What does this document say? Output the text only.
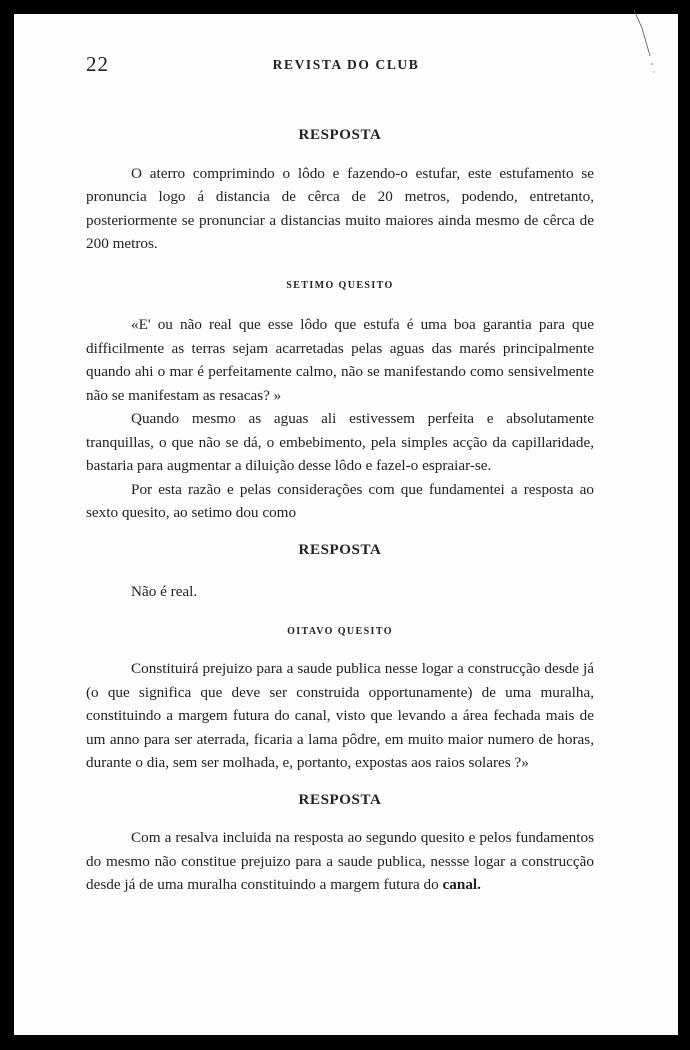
22	REVISTA DO CLUB
RESPOSTA

O aterro comprimindo o lôdo e fazendo-o estufar, este estufamento se pronuncia logo á distancia de cêrca de 20 metros, podendo, entretanto, posteriormente se pronunciar a distancias muito maiores ainda mesmo de cêrca de 200 metros.

SETIMO QUESITO

«E' ou não real que esse lôdo que estufa é uma boa garantia para que difficilmente as terras sejam acarretadas pelas aguas das marés principalmente quando ahi o mar é perfeitamente calmo, não se manifestando como sensivelmente não se manifestam as resacas? »

Quando mesmo as aguas ali estivessem perfeita e absolutamente tranquillas, o que não se dá, o embebimento, pela simples acção da capillaridade, bastaria para augmentar a diluição desse lôdo e fazel-o espraiar-se.

Por esta razão e pelas considerações com que fundamentei a resposta ao sexto quesito, ao setimo dou como

RESPOSTA

Não é real.

OITAVO QUESITO

Constituirá prejuizo para a saude publica nesse logar a construcção desde já (o que significa que deve ser construida opportunamente) de uma muralha, constituindo a margem futura do canal, visto que levando a área fechada mais de um anno para ser aterrada, ficaria a lama pôdre, em muito maior numero de horas, durante o dia, sem ser molhada, e, portanto, expostas aos raios solares ?»

RESPOSTA

Com a resalva incluida na resposta ao segundo quesito e pelos fundamentos do mesmo não constitue prejuizo para a saude publica, nessse logar a construcção desde já de uma muralha constituindo a margem futura do canal.
